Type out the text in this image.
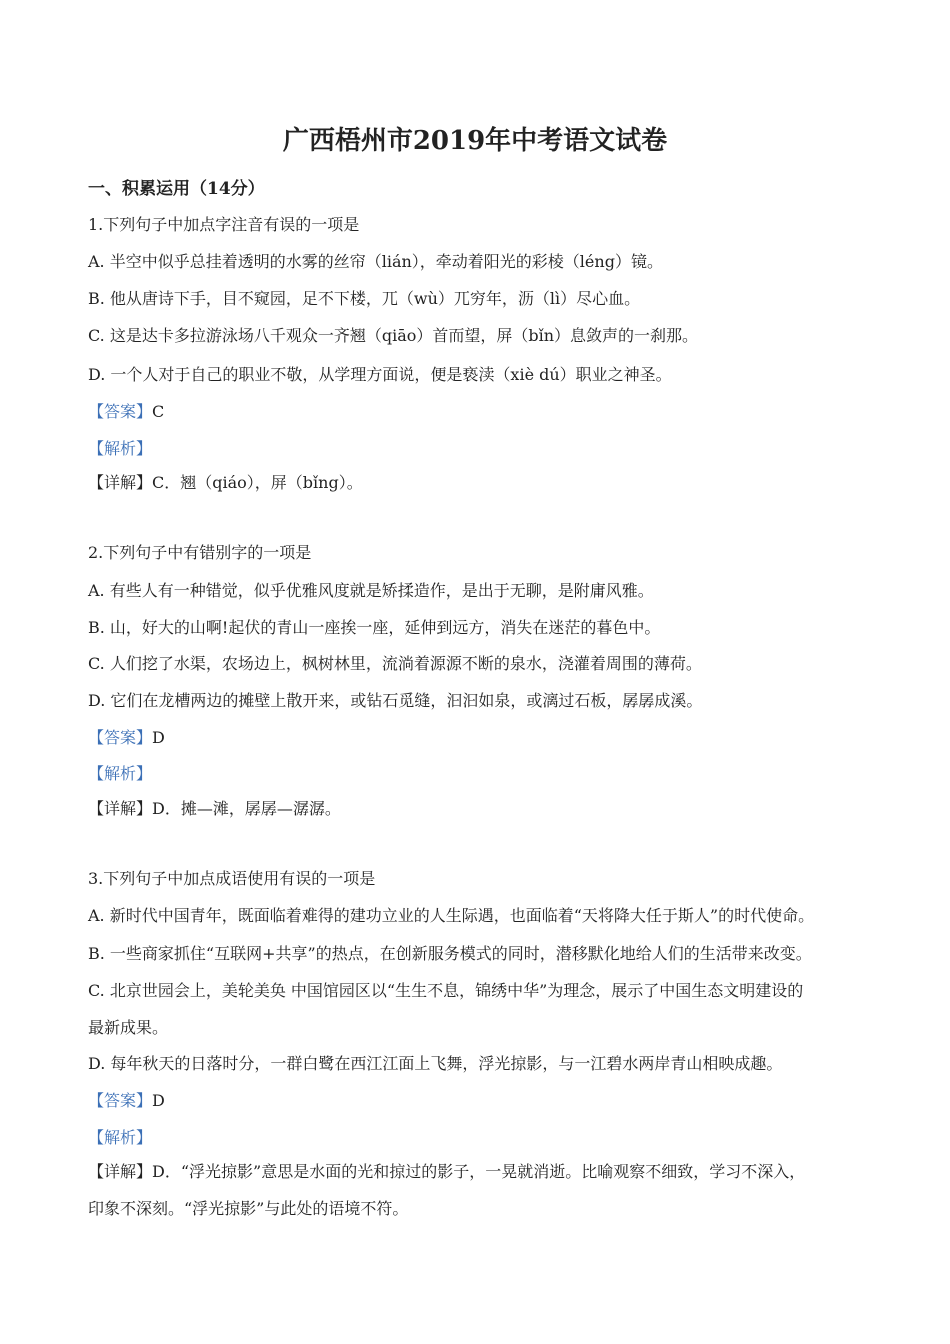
广西梧州市2019年中考语文试卷
一、积累运用（14分）
1.下列句子中加点字注音有误的一项是
A. 半空中似乎总挂着透明的水雾的丝帘（lián），牵动着阳光的彩棱（léng）镜。
B. 他从唐诗下手，目不窥园，足不下楼，兀（wù）兀穷年，沥（lì）尽心血。
C. 这是达卡多拉游泳场八千观众一齐翘（qiāo）首而望，屏（bǐn）息敛声的一刹那。
D. 一个人对于自己的职业不敬，从学理方面说，便是亵渎（xiè dú）职业之神圣。
【答案】C
【解析】
【详解】C．翘（qiáo），屏（bǐng）。
2.下列句子中有错别字的一项是
A. 有些人有一种错觉，似乎优雅风度就是矫揉造作，是出于无聊，是附庸风雅。
B. 山，好大的山啊!起伏的青山一座挨一座，延伸到远方，消失在迷茫的暮色中。
C. 人们挖了水渠，农场边上，枫树林里，流淌着源源不断的泉水，浇灌着周围的薄荷。
D. 它们在龙槽两边的摊壁上散开来，或钻石觅缝，汩汩如泉，或漓过石板，孱孱成溪。
【答案】D
【解析】
【详解】D．摊—滩，孱孱—潺潺。
3.下列句子中加点成语使用有误的一项是
A. 新时代中国青年，既面临着难得的建功立业的人生际遇，也面临着“天将降大任于斯人”的时代使命。
B. 一些商家抓住“互联网+共享”的热点，在创新服务模式的同时，潜移默化地给人们的生活带来改变。
C. 北京世园会上，美轮美奂 中国馆园区以“生生不息，锦绣中华”为理念，展示了中国生态文明建设的
最新成果。
D. 每年秋天的日落时分，一群白鹭在西江江面上飞舞，浮光掠影，与一江碧水两岸青山相映成趣。
【答案】D
【解析】
【详解】D．“浮光掠影”意思是水面的光和掠过的影子，一晃就消逝。比喻观察不细致，学习不深入，
印象不深刻。“浮光掠影”与此处的语境不符。
